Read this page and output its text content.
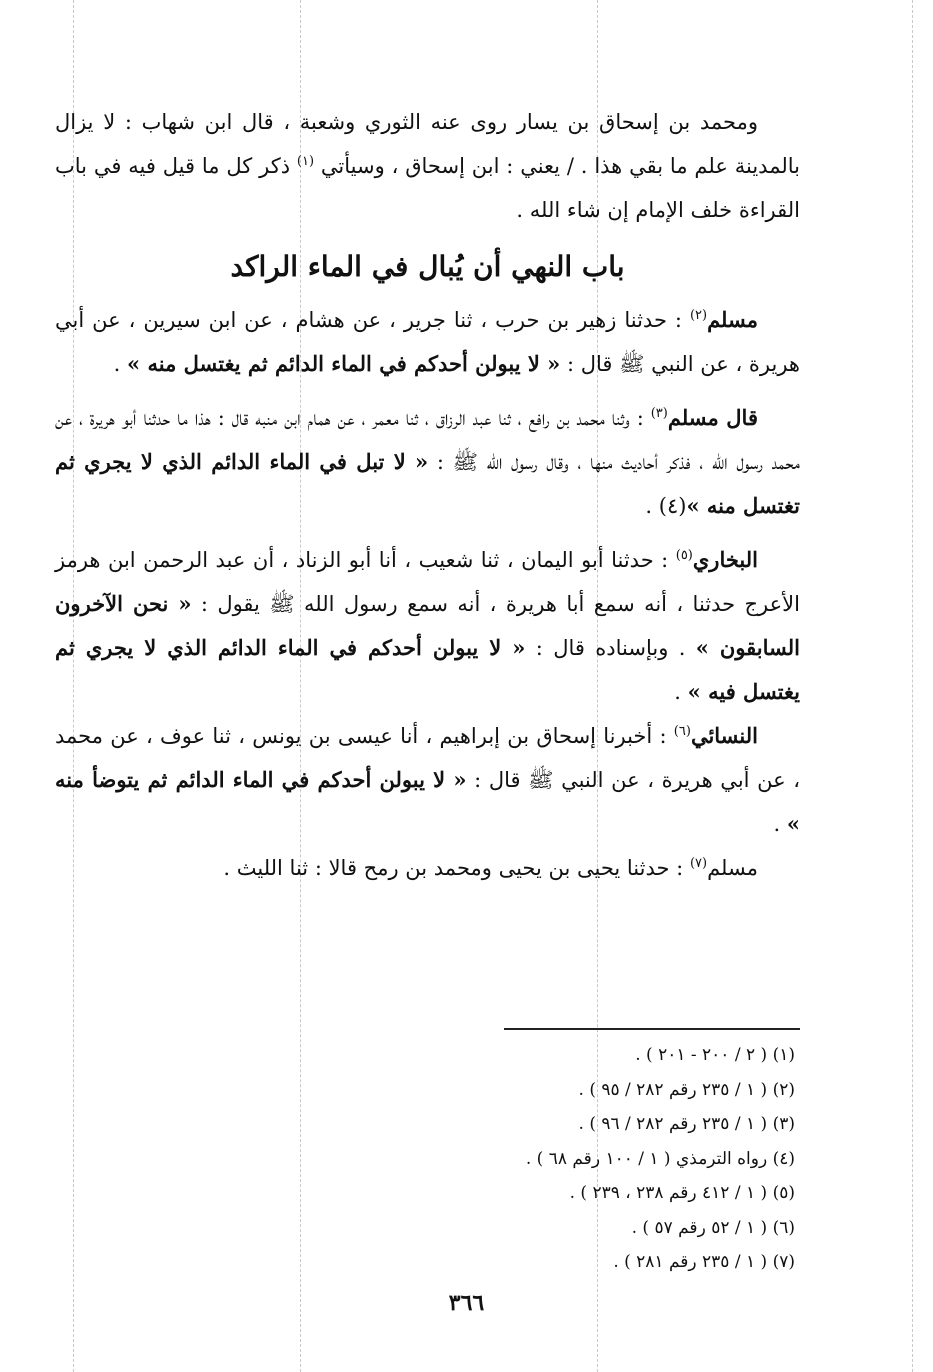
ومحمد بن إسحاق بن يسار روى عنه الثوري وشعبة ، قال ابن شهاب : لا يزال بالمدينة علم ما بقي هذا . / يعني : ابن إسحاق ، وسيأتي $^{(١)}$ ذكر كل ما قيل فيه في باب القراءة خلف الإمام إن شاء الله .

باب النهي أن يُبال في الماء الراكد

مسلم$^{(٢)}$ : حدثنا زهير بن حرب ، ثنا جرير ، عن هشام ، عن ابن سيرين ، عن أبي هريرة ، عن النبي ﷺ قال : « لا يبولن أحدكم في الماء الدائم ثم يغتسل منه » .

قال مسلم$^{(٣)}$ : وثنا محمد بن رافع ، ثنا عبد الرزاق ، ثنا معمر ، عن همام ابن منبه قال : هذا ما حدثنا أبو هريرة ، عن محمد رسول الله ، فذكر أحاديث منها ، وقال رسول الله ﷺ : « لا تبل في الماء الدائم الذي لا يجري ثم تغتسل منه »(٤) .

البخاري$^{(٥)}$ : حدثنا أبو اليمان ، ثنا شعيب ، أنا أبو الزناد ، أن عبد الرحمن ابن هرمز الأعرج حدثنا ، أنه سمع أبا هريرة ، أنه سمع رسول الله ﷺ يقول : « نحن الآخرون السابقون » . وبإسناده قال : « لا يبولن أحدكم في الماء الدائم الذي لا يجري ثم يغتسل فيه » .

النسائي$^{(٦)}$ : أخبرنا إسحاق بن إبراهيم ، أنا عيسى بن يونس ، ثنا عوف ، عن محمد ، عن أبي هريرة ، عن النبي ﷺ قال : « لا يبولن أحدكم في الماء الدائم ثم يتوضأ منه » .

مسلم$^{(٧)}$ : حدثنا يحيى بن يحيى ومحمد بن رمح قالا : ثنا الليث .

(١) ( ٢ / ٢٠٠ - ٢٠١ ) .

(٢) ( ١ / ٢٣٥ رقم ٢٨٢ / ٩٥ ) .

(٣) ( ١ / ٢٣٥ رقم ٢٨٢ / ٩٦ ) .

(٤) رواه الترمذي ( ١ / ١٠٠ رقم ٦٨ ) .

(٥) ( ١ / ٤١٢ رقم ٢٣٨ ، ٢٣٩ ) .

(٦) ( ١ / ٥٢ رقم ٥٧ ) .

(٧) ( ١ / ٢٣٥ رقم ٢٨١ ) .

٣٦٦
